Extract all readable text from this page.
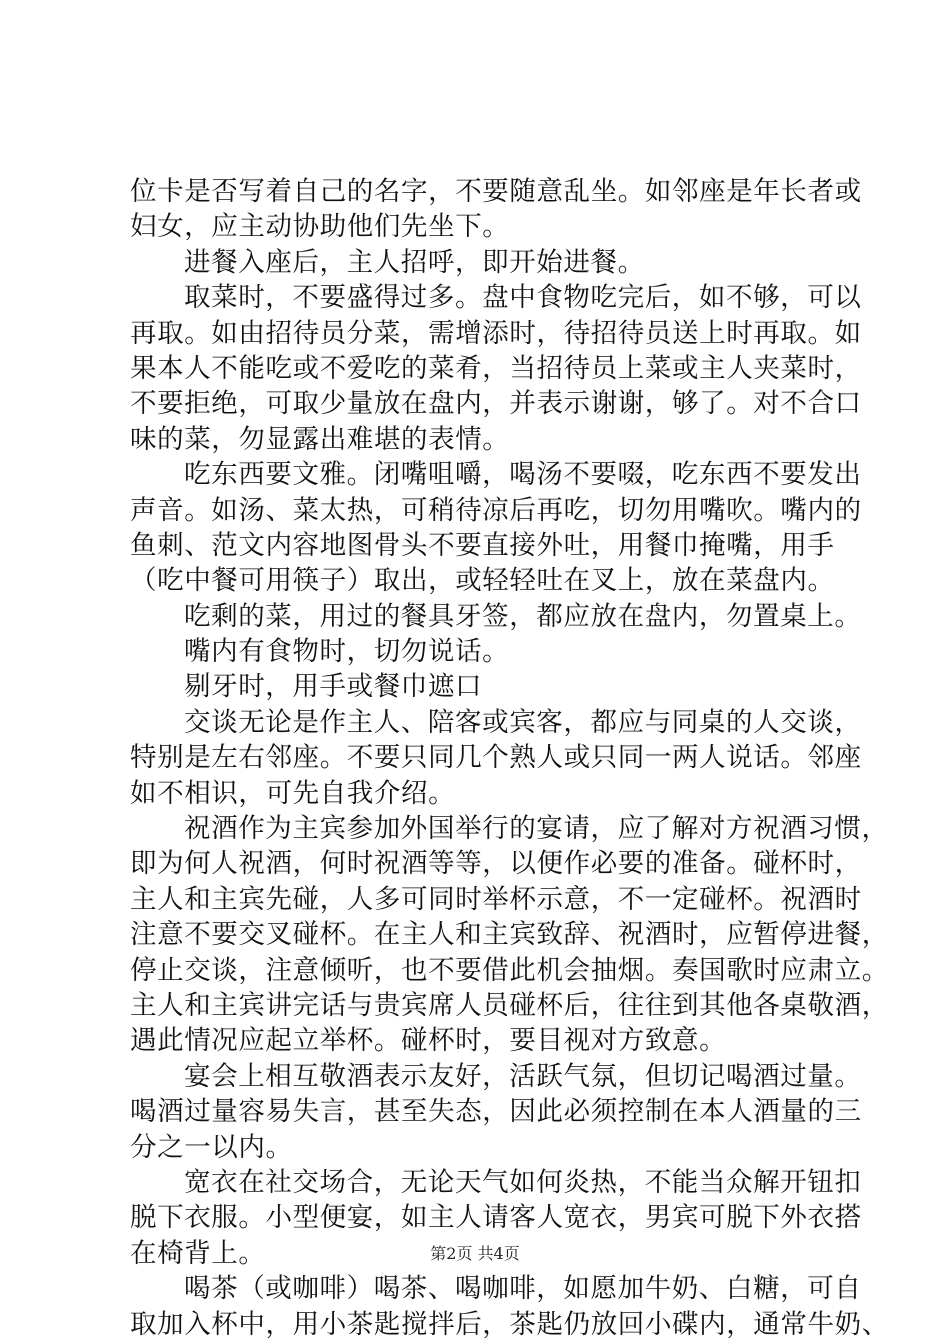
位卡是否写着自己的名字，不要随意乱坐。如邻座是年长者或
妇女，应主动协助他们先坐下。
进餐入座后，主人招呼，即开始进餐。
取菜时，不要盛得过多。盘中食物吃完后，如不够，可以
再取。如由招待员分菜，需增添时，待招待员送上时再取。如
果本人不能吃或不爱吃的菜肴，当招待员上菜或主人夹菜时，
不要拒绝，可取少量放在盘内，并表示谢谢，够了。对不合口
味的菜，勿显露出难堪的表情。
吃东西要文雅。闭嘴咀嚼，喝汤不要啜，吃东西不要发出
声音。如汤、菜太热，可稍待凉后再吃，切勿用嘴吹。嘴内的
鱼刺、范文内容地图骨头不要直接外吐，用餐巾掩嘴，用手
（吃中餐可用筷子）取出，或轻轻吐在叉上，放在菜盘内。
吃剩的菜，用过的餐具牙签，都应放在盘内，勿置桌上。
嘴内有食物时，切勿说话。
剔牙时，用手或餐巾遮口
交谈无论是作主人、陪客或宾客，都应与同桌的人交谈，
特别是左右邻座。不要只同几个熟人或只同一两人说话。邻座
如不相识，可先自我介绍。
祝酒作为主宾参加外国举行的宴请，应了解对方祝酒习惯，
即为何人祝酒，何时祝酒等等，以便作必要的准备。碰杯时，
主人和主宾先碰，人多可同时举杯示意，不一定碰杯。祝酒时
注意不要交叉碰杯。在主人和主宾致辞、祝酒时，应暂停进餐，
停止交谈，注意倾听，也不要借此机会抽烟。奏国歌时应肃立。
主人和主宾讲完话与贵宾席人员碰杯后，往往到其他各桌敬酒，
遇此情况应起立举杯。碰杯时，要目视对方致意。
宴会上相互敬酒表示友好，活跃气氛，但切记喝酒过量。
喝酒过量容易失言，甚至失态，因此必须控制在本人酒量的三
分之一以内。
宽衣在社交场合，无论天气如何炎热，不能当众解开钮扣
脱下衣服。小型便宴，如主人请客人宽衣，男宾可脱下外衣搭
在椅背上。
喝茶（或咖啡）喝茶、喝咖啡，如愿加牛奶、白糖，可自
取加入杯中，用小茶匙搅拌后，茶匙仍放回小碟内，通常牛奶、
第2页 共4页
